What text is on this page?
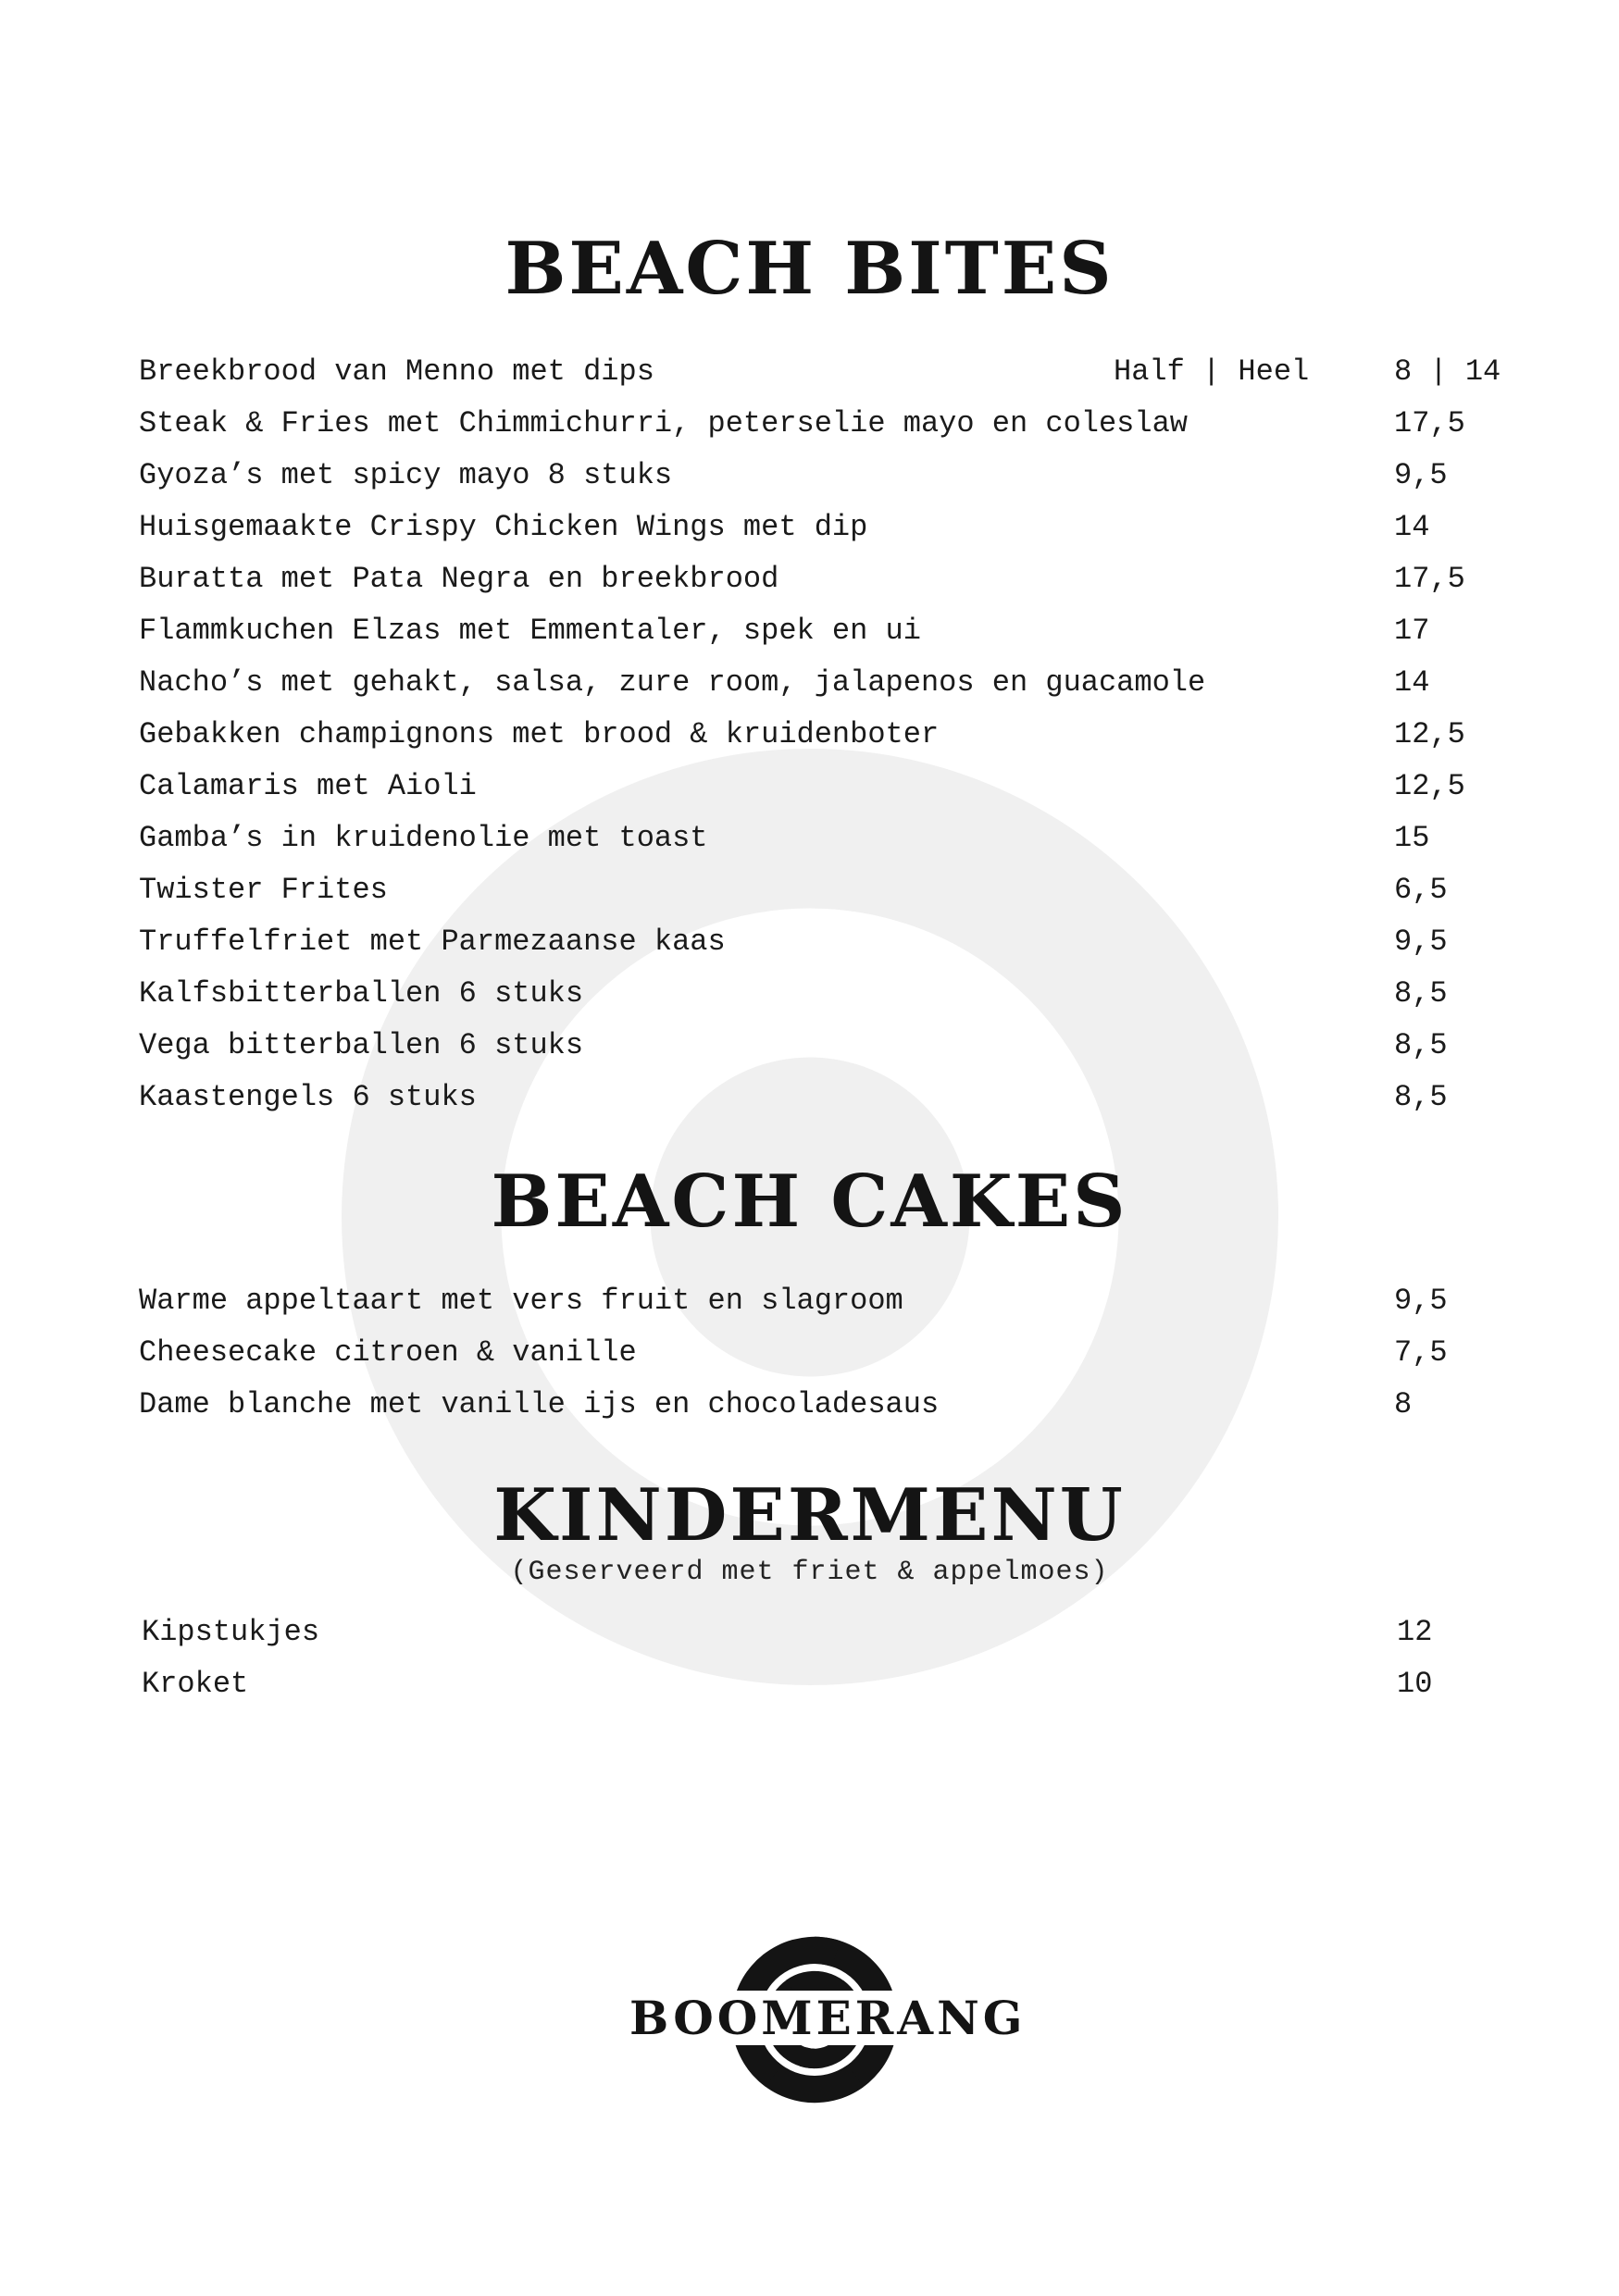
BEACH BITES
Breekbrood van Menno met dips	Half | Heel	8 | 14
Steak & Fries met Chimmichurri, peterselie mayo en coleslaw	17,5
Gyoza’s met spicy mayo 8 stuks	9,5
Huisgemaakte Crispy Chicken Wings met dip	14
Buratta met Pata Negra en breekbrood	17,5
Flammkuchen Elzas met Emmentaler, spek en ui	17
Nacho’s met gehakt, salsa, zure room, jalapenos en guacamole	14
Gebakken champignons met brood & kruidenboter	12,5
Calamaris met Aioli	12,5
Gamba’s in kruidenolie met toast	15
Twister Frites	6,5
Truffelfriet met Parmezaanse kaas	9,5
Kalfsbitterballen 6 stuks	8,5
Vega bitterballen 6 stuks	8,5
Kaastengels 6 stuks	8,5
BEACH CAKES
Warme appeltaart met vers fruit en slagroom	9,5
Cheesecake citroen & vanille	7,5
Dame blanche met vanille ijs en chocoladesaus	8
KINDERMENU
(Geserveerd met friet & appelmoes)
Kipstukjes	12
Kroket	10
BOOMERANG
